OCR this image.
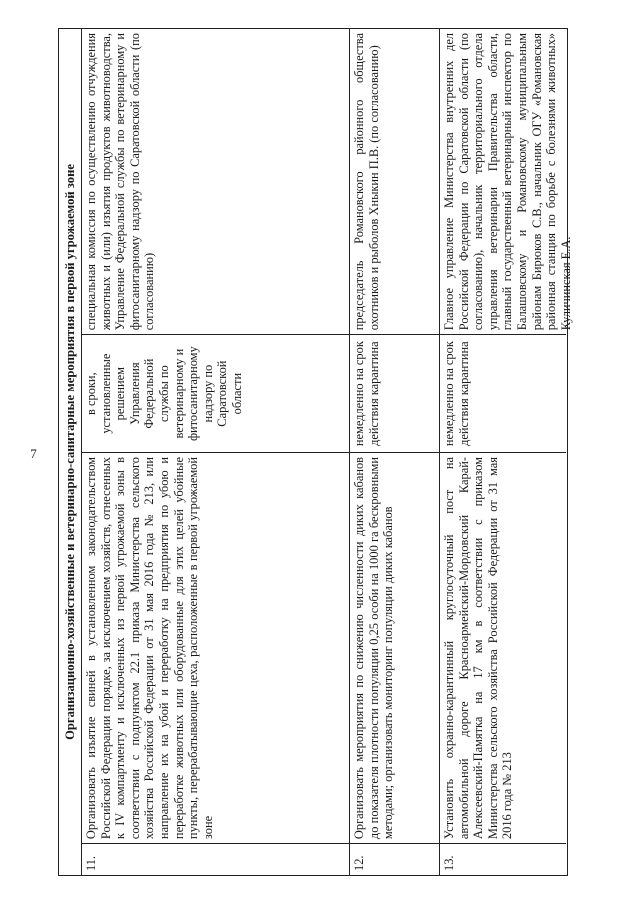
7	Организационно-хозяйственные и ветеринарно-санитарные мероприятия в первой угрожаемой зоне
11.
Организовать изъятие свиней в установленном законодательством Российской Федерации порядке, за исключением хозяйств, отнесенных к IV компартменту и исключенных из первой угрожаемой зоны в соответствии с подпунктом 22.1 приказа Министерства сельского хозяйства Российской Федерации от 31 мая 2016 года № 213, или направление их на убой и переработку на предприятия по убою и переработке животных или оборудованные для этих целей убойные пункты, перерабатывающие цеха, расположенные в первой угрожаемой зоне
в сроки, установленные решением Управления Федеральной службы по ветеринарному и фитосанитарному надзору по Саратовской области
специальная комиссия по осуществлению отчуждения животных и (или) изъятия продуктов животноводства, Управление Федеральной службы по ветеринарному и фитосанитарному надзору по Саратовской области (по согласованию)
12.
Организовать мероприятия по снижению численности диких кабанов до показателя плотности популяции 0,25 особи на 1000 га бескровными методами; организовать мониторинг популяции диких кабанов
немедленно на срок действия карантина
председатель Романовского районного общества охотников и рыболов Хныкин П.В. (по согласованию)
13.
Установить охранно-карантинный круглосуточный пост на автомобильной дороге Красноармейский-Мордовский Карай-Алексеевский-Памятка на 17 км в соответствии с приказом Министерства сельского хозяйства Российской Федерации от 31 мая 2016 года № 213
немедленно на срок действия карантина
Главное управление Министерства внутренних дел Российской Федерации по Саратовской области (по согласованию), начальник территориального отдела управления ветеринарии Правительства области, главный государственный ветеринарный инспектор по Балашовскому и Романовскому муниципальным районам Бирюков С.В., начальник ОГУ «Романовская районная станция по борьбе с болезнями животных» Куличинская Е.А.
